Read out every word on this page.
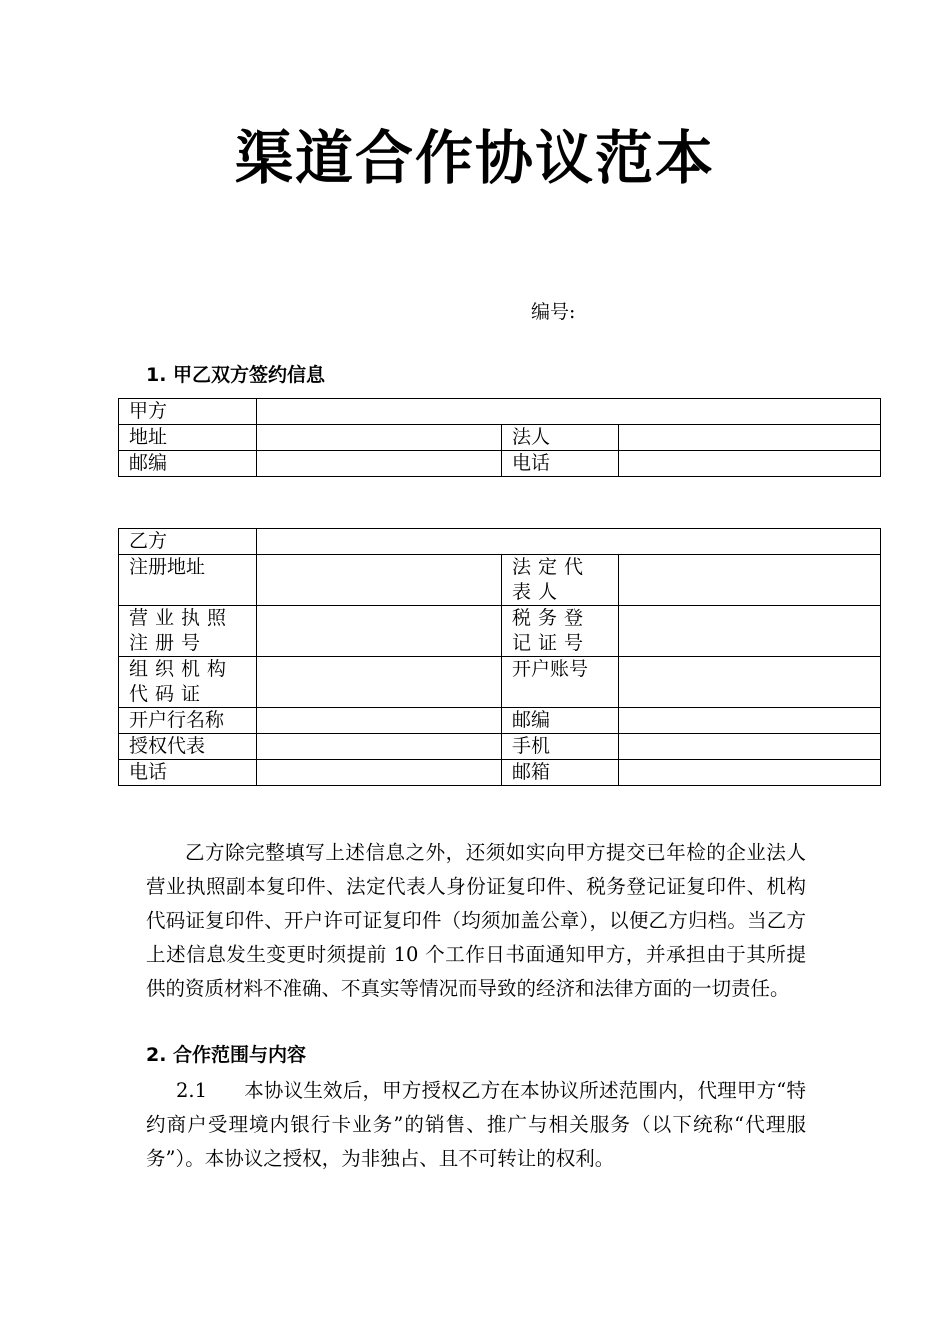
渠道合作协议范本
编号:
1. 甲乙双方签约信息
甲方			
地址		法人	
邮编		电话	
乙方			
注册地址		法定代表人	
营业执照注册号		税务登记证号	
组织机构代码证		开户账号	
开户行名称		邮编	
授权代表		手机	
电话		邮箱	

乙方除完整填写上述信息之外，还须如实向甲方提交已年检的企业法人营业执照副本复印件、法定代表人身份证复印件、税务登记证复印件、机构代码证复印件、开户许可证复印件（均须加盖公章），以便乙方归档。当乙方上述信息发生变更时须提前 10 个工作日书面通知甲方，并承担由于其所提供的资质材料不准确、不真实等情况而导致的经济和法律方面的一切责任。

2. 合作范围与内容

2.1 本协议生效后，甲方授权乙方在本协议所述范围内，代理甲方“特约商户受理境内银行卡业务”的销售、推广与相关服务（以下统称“代理服务”）。本协议之授权，为非独占、且不可转让的权利。
